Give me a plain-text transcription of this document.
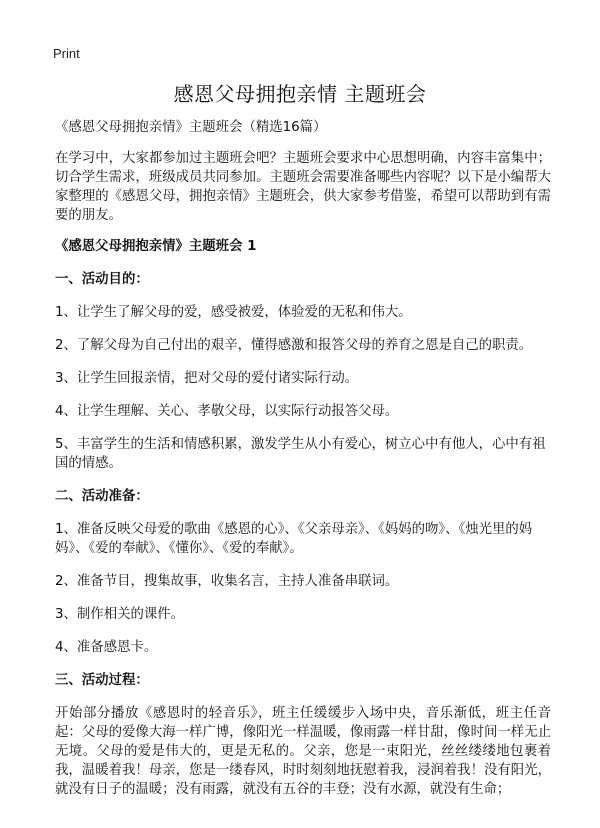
Print
感恩父母拥抱亲情 主题班会

《感恩父母拥抱亲情》主题班会（精选16篇）

在学习中，大家都参加过主题班会吧？主题班会要求中心思想明确，内容丰富集中；切合学生需求，班级成员共同参加。主题班会需要准备哪些内容呢？以下是小编帮大家整理的《感恩父母，拥抱亲情》主题班会，供大家参考借鉴，希望可以帮助到有需要的朋友。

《感恩父母拥抱亲情》主题班会 1

一、活动目的：

1、让学生了解父母的爱，感受被爱，体验爱的无私和伟大。

2、了解父母为自己付出的艰辛，懂得感激和报答父母的养育之恩是自己的职责。

3、让学生回报亲情，把对父母的爱付诸实际行动。

4、让学生理解、关心、孝敬父母，以实际行动报答父母。

5、丰富学生的生活和情感积累，激发学生从小有爱心，树立心中有他人，心中有祖国的情感。

二、活动准备：

1、准备反映父母爱的歌曲《感恩的心》、《父亲母亲》、《妈妈的吻》、《烛光里的妈妈》、《爱的奉献》、《懂你》、《爱的奉献》。

2、准备节目，搜集故事，收集名言，主持人准备串联词。

3、制作相关的课件。

4、准备感恩卡。

三、活动过程：

开始部分播放《感恩时的轻音乐》，班主任缓缓步入场中央，音乐渐低，班主任音起：父母的爱像大海一样广博，像阳光一样温暖，像雨露一样甘甜，像时间一样无止无境。父母的爱是伟大的，更是无私的。父亲，您是一束阳光，丝丝缕缕地包裹着我，温暖着我！母亲，您是一缕春风，时时刻刻地抚慰着我，浸润着我！没有阳光，就没有日子的温暖；没有雨露，就没有五谷的丰登；没有水源，就没有生命；
